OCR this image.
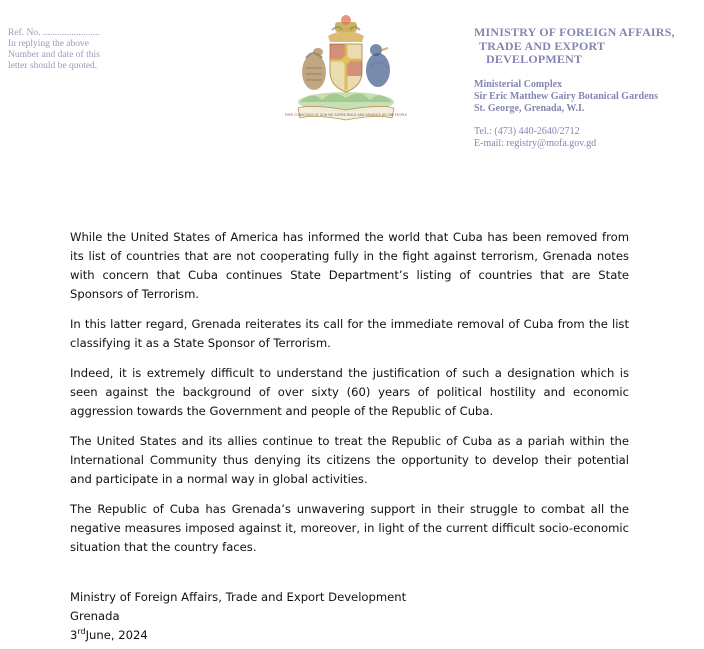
Ref. No. ........................
In replying the above
Number and date of this
letter should be quoted.
EVER CONSCIOUS OF GOD WE ASPIRE BUILD AND ADVANCE AS ONE PEOPLE
MINISTRY OF FOREIGN AFFAIRS,
TRADE AND EXPORT
DEVELOPMENT
Ministerial Complex
Sir Eric Matthew Gairy Botanical Gardens
St. George, Grenada, W.I.
Tel.: (473) 440-2640/2712
E-mail: registry@mofa.gov.gd

While the United States of America has informed the world that Cuba has been removed from its list of countries that are not cooperating fully in the fight against terrorism, Grenada notes with concern that Cuba continues State Department’s listing of countries that are State Sponsors of Terrorism.

In this latter regard, Grenada reiterates its call for the immediate removal of Cuba from the list classifying it as a State Sponsor of Terrorism.

Indeed, it is extremely difficult to understand the justification of such a designation which is seen against the background of over sixty (60) years of political hostility and economic aggression towards the Government and people of the Republic of Cuba.

The United States and its allies continue to treat the Republic of Cuba as a pariah within the International Community thus denying its citizens the opportunity to develop their potential and participate in a normal way in global activities.

The Republic of Cuba has Grenada’s unwavering support in their struggle to combat all the negative measures imposed against it, moreover, in light of the current difficult socio-economic situation that the country faces.

Ministry of Foreign Affairs, Trade and Export Development
Grenada
3rdJune, 2024
